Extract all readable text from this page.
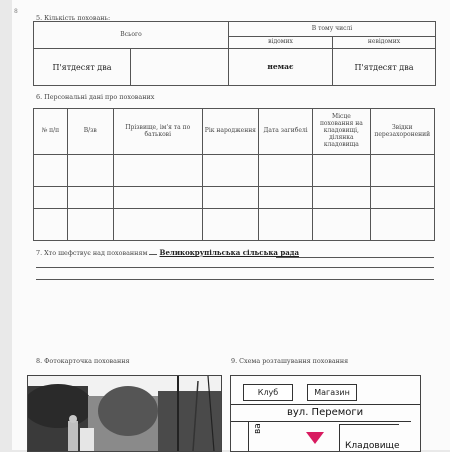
8
5. Кількість поховань:
Всього		В тому числі	
		відомих	невідомих
П'ятдесят два		немає	П'ятдесят два
6. Персональні дані про похованих
№ п/п	В/зв	Прізвище, ім'я та по батькові	Рік народження	Дата загибелі	Місце поховання на кладовищі, ділянка кладовища	Звідки перезахоронений

7. Хто шефствує над похованням Великокрупільська сільська рада
8. Фотокарточка поховання	9. Схема розташування поховання
Клуб	Магазин
вул. Перемоги
ва
Кладовище
